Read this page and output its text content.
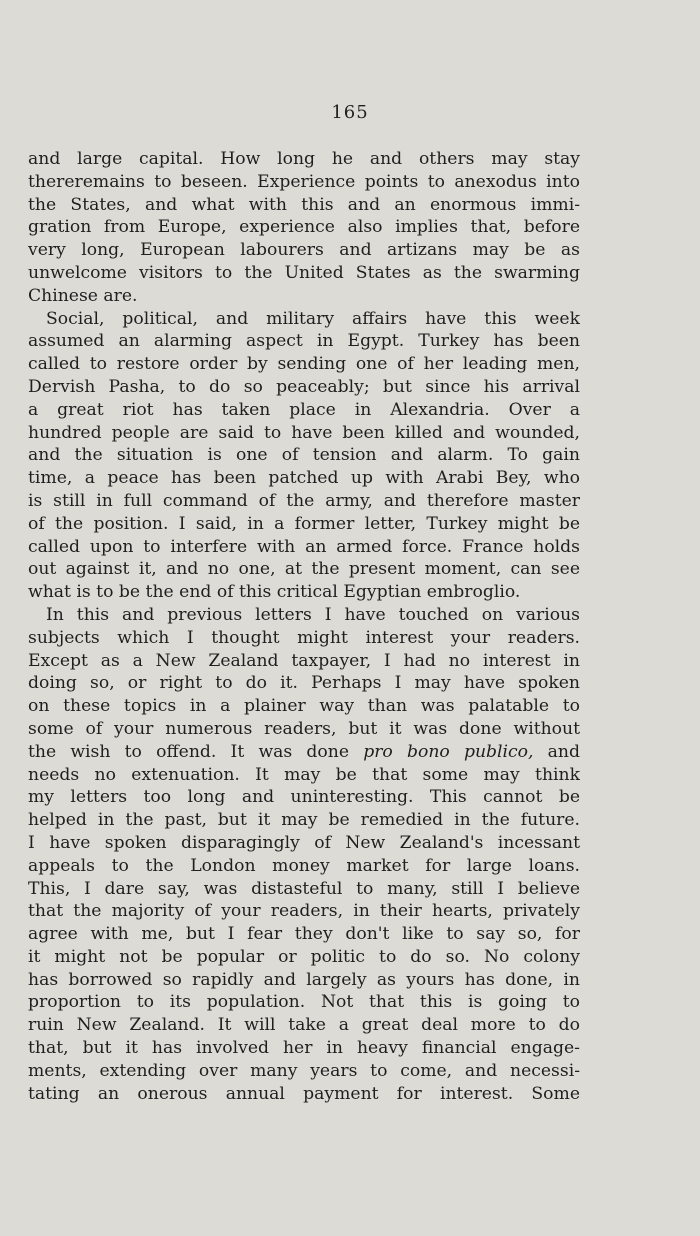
165
and large capital. How long he and others may stay
thereremains to beseen. Experience points to anexodus into
the States, and what with this and an enormous immi-
gration from Europe, experience also implies that, before
very long, European labourers and artizans may be as
unwelcome visitors to the United States as the swarming
Chinese are.
Social, political, and military affairs have this week
assumed an alarming aspect in Egypt. Turkey has been
called to restore order by sending one of her leading men,
Dervish Pasha, to do so peaceably; but since his arrival
a great riot has taken place in Alexandria. Over a
hundred people are said to have been killed and wounded,
and the situation is one of tension and alarm. To gain
time, a peace has been patched up with Arabi Bey, who
is still in full command of the army, and therefore master
of the position. I said, in a former letter, Turkey might be
called upon to interfere with an armed force. France holds
out against it, and no one, at the present moment, can see
what is to be the end of this critical Egyptian embroglio.
In this and previous letters I have touched on various
subjects which I thought might interest your readers.
Except as a New Zealand taxpayer, I had no interest in
doing so, or right to do it. Perhaps I may have spoken
on these topics in a plainer way than was palatable to
some of your numerous readers, but it was done without
the wish to offend. It was done pro bono publico, and
needs no extenuation. It may be that some may think
my letters too long and uninteresting. This cannot be
helped in the past, but it may be remedied in the future.
I have spoken disparagingly of New Zealand's incessant
appeals to the London money market for large loans.
This, I dare say, was distasteful to many, still I believe
that the majority of your readers, in their hearts, privately
agree with me, but I fear they don't like to say so, for
it might not be popular or politic to do so. No colony
has borrowed so rapidly and largely as yours has done, in
proportion to its population. Not that this is going to
ruin New Zealand. It will take a great deal more to do
that, but it has involved her in heavy financial engage-
ments, extending over many years to come, and necessi-
tating an onerous annual payment for interest. Some
